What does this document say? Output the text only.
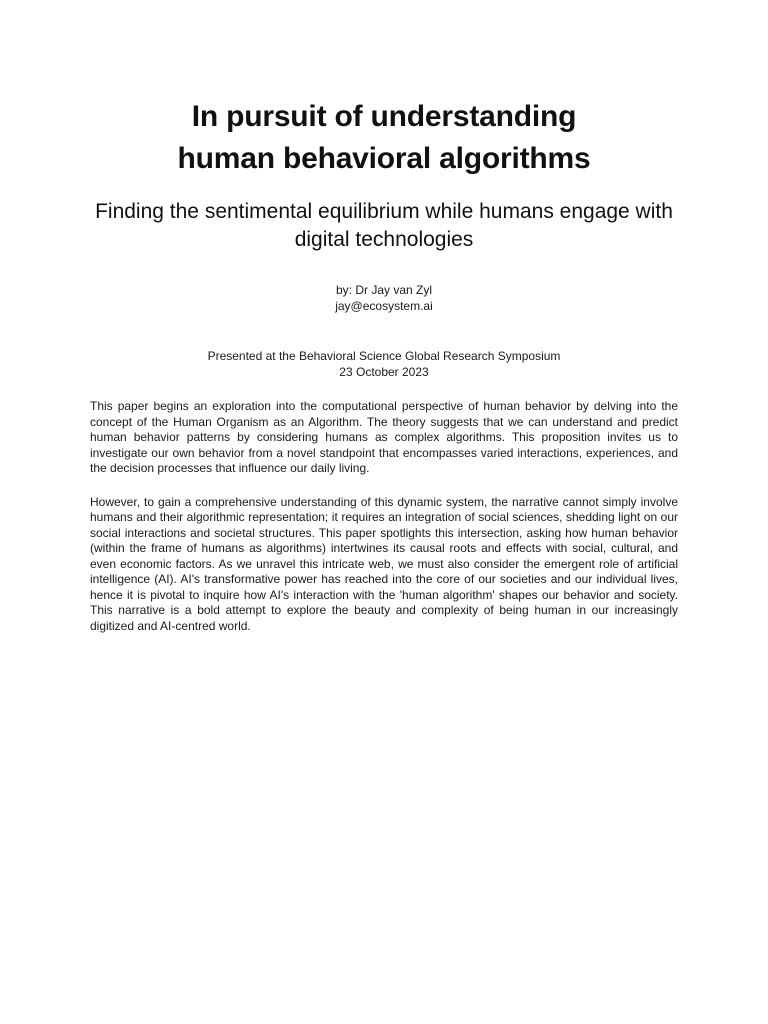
In pursuit of understanding
human behavioral algorithms
Finding the sentimental equilibrium while humans engage with digital technologies
by: Dr Jay van Zyl
jay@ecosystem.ai
Presented at the Behavioral Science Global Research Symposium
23 October 2023

This paper begins an exploration into the computational perspective of human behavior by delving into the concept of the Human Organism as an Algorithm. The theory suggests that we can understand and predict human behavior patterns by considering humans as complex algorithms. This proposition invites us to investigate our own behavior from a novel standpoint that encompasses varied interactions, experiences, and the decision processes that influence our daily living.

However, to gain a comprehensive understanding of this dynamic system, the narrative cannot simply involve humans and their algorithmic representation; it requires an integration of social sciences, shedding light on our social interactions and societal structures. This paper spotlights this intersection, asking how human behavior (within the frame of humans as algorithms) intertwines its causal roots and effects with social, cultural, and even economic factors. As we unravel this intricate web, we must also consider the emergent role of artificial intelligence (AI). AI's transformative power has reached into the core of our societies and our individual lives, hence it is pivotal to inquire how AI's interaction with the 'human algorithm' shapes our behavior and society. This narrative is a bold attempt to explore the beauty and complexity of being human in our increasingly digitized and AI-centred world.
